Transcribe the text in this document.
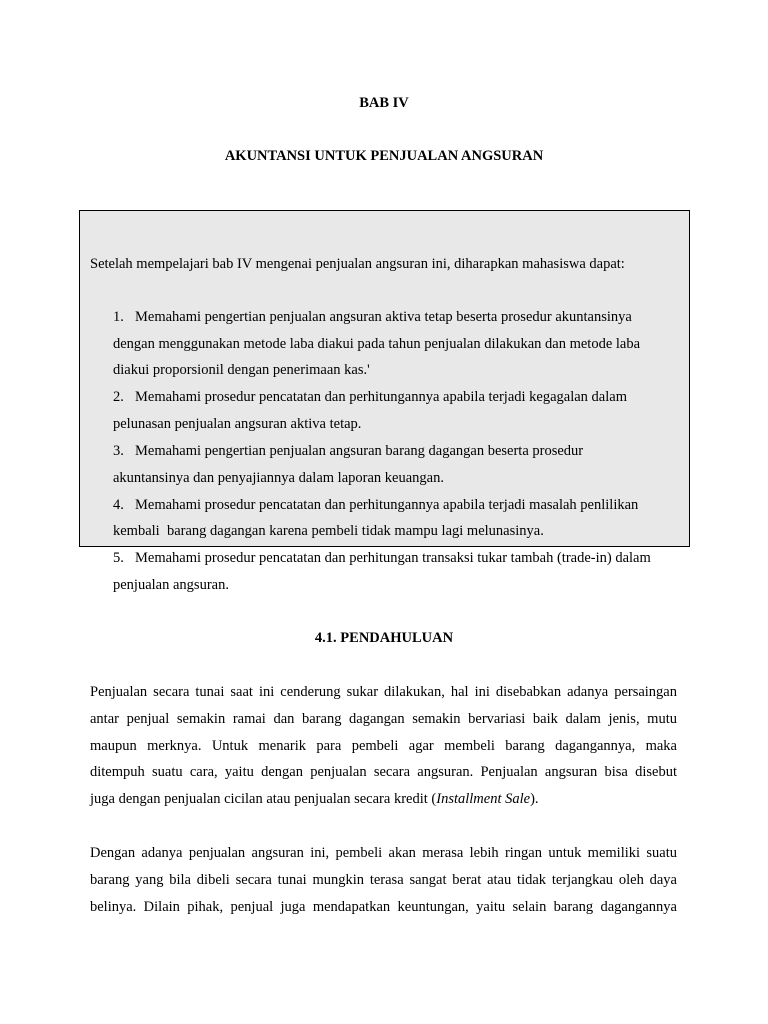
BAB IV
AKUNTANSI UNTUK PENJUALAN ANGSURAN
Setelah mempelajari bab IV mengenai penjualan angsuran ini, diharapkan mahasiswa dapat:
1. Memahami pengertian penjualan angsuran aktiva tetap beserta prosedur akuntansinya
dengan menggunakan metode laba diakui pada tahun penjualan dilakukan dan metode laba
diakui proporsionil dengan penerimaan kas.'
2. Memahami prosedur pencatatan dan perhitungannya apabila terjadi kegagalan dalam
pelunasan penjualan angsuran aktiva tetap.
3. Memahami pengertian penjualan angsuran barang dagangan beserta prosedur
akuntansinya dan penyajiannya dalam laporan keuangan.
4. Memahami prosedur pencatatan dan perhitungannya apabila terjadi masalah penlilikan
kembali  barang dagangan karena pembeli tidak mampu lagi melunasinya.
5. Memahami prosedur pencatatan dan perhitungan transaksi tukar tambah (trade-in) dalam
penjualan angsuran.
4.1. PENDAHULUAN
Penjualan secara tunai saat ini cenderung sukar dilakukan, hal ini disebabkan adanya persaingan
antar penjual semakin ramai dan barang dagangan semakin bervariasi baik dalam jenis, mutu
maupun merknya. Untuk menarik para pembeli agar membeli barang dagangannya, maka
ditempuh suatu cara, yaitu dengan penjualan secara angsuran. Penjualan angsuran bisa disebut
juga dengan penjualan cicilan atau penjualan secara kredit (Installment Sale).
Dengan adanya penjualan angsuran ini, pembeli akan merasa lebih ringan untuk memiliki suatu
barang yang bila dibeli secara tunai mungkin terasa sangat berat atau tidak terjangkau oleh daya
belinya. Dilain pihak, penjual juga mendapatkan keuntungan, yaitu selain barang dagangannya
